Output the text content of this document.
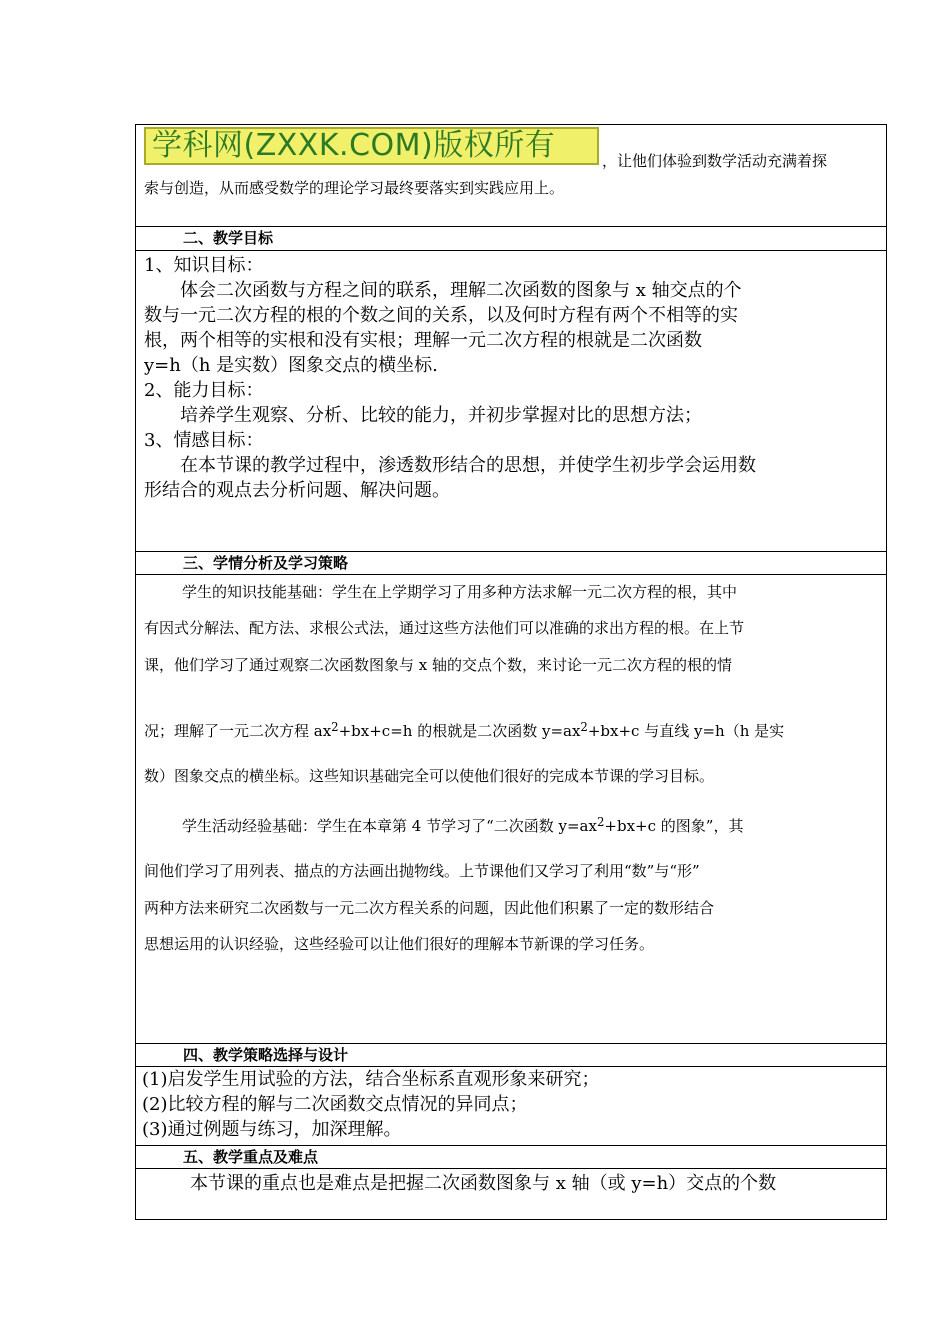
学科网(ZXXK.COM)版权所有	，让他们体验到数学活动充满着探
索与创造，从而感受数学的理论学习最终要落实到实践应用上。
二、教学目标
1、知识目标：
体会二次函数与方程之间的联系，理解二次函数的图象与 x 轴交点的个
数与一元二次方程的根的个数之间的关系，以及何时方程有两个不相等的实
根，两个相等的实根和没有实根；理解一元二次方程的根就是二次函数
y=h（h 是实数）图象交点的横坐标.
2、能力目标：
培养学生观察、分析、比较的能力，并初步掌握对比的思想方法；
3、情感目标：
在本节课的教学过程中，渗透数形结合的思想，并使学生初步学会运用数
形结合的观点去分析问题、解决问题。
三、学情分析及学习策略
学生的知识技能基础：学生在上学期学习了用多种方法求解一元二次方程的根，其中
有因式分解法、配方法、求根公式法，通过这些方法他们可以准确的求出方程的根。在上节
课，他们学习了通过观察二次函数图象与 x 轴的交点个数，来讨论一元二次方程的根的情
况；理解了一元二次方程 $ax^2+bx+c=h$ 的根就是二次函数 $y=ax^2+bx+c$ 与直线 y=h（h 是实
数）图象交点的横坐标。这些知识基础完全可以使他们很好的完成本节课的学习目标。
学生活动经验基础：学生在本章第 4 节学习了“二次函数 $y=ax^2+bx+c$ 的图象”，其
间他们学习了用列表、描点的方法画出抛物线。上节课他们又学习了利用“数”与“形”
两种方法来研究二次函数与一元二次方程关系的问题，因此他们积累了一定的数形结合
思想运用的认识经验，这些经验可以让他们很好的理解本节新课的学习任务。
四、教学策略选择与设计
(1)启发学生用试验的方法，结合坐标系直观形象来研究；
(2)比较方程的解与二次函数交点情况的异同点；
(3)通过例题与练习，加深理解。
五、教学重点及难点
本节课的重点也是难点是把握二次函数图象与 x 轴（或 y=h）交点的个数
